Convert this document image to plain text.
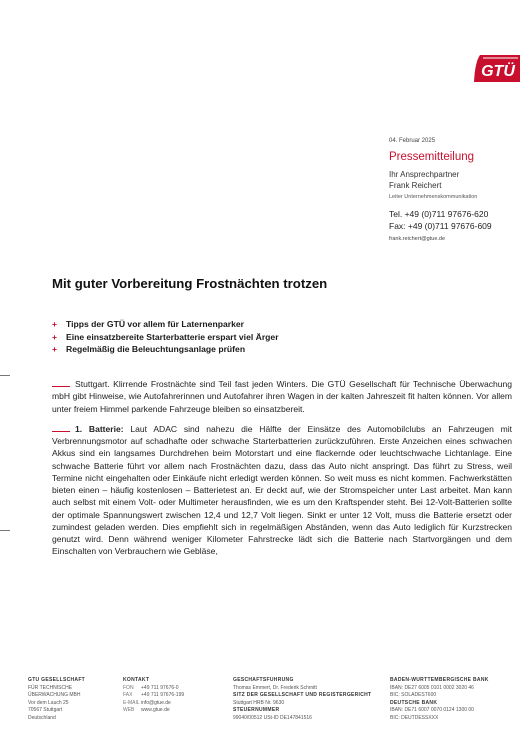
GTÜ
04. Februar 2025
Pressemitteilung
Ihr Ansprechpartner
Frank Reichert
Leiter Unternehmenskommunikation
Tel. +49 (0)711 97676-620
Fax: +49 (0)711 97676-609
frank.reichert@gtue.de
Mit guter Vorbereitung Frostnächten trotzen
+ Tipps der GTÜ vor allem für Laternenparker
+ Eine einsatzbereite Starterbatterie erspart viel Ärger
+ Regelmäßig die Beleuchtungsanlage prüfen

Stuttgart. Klirrende Frostnächte sind Teil fast jeden Winters. Die GTÜ Gesellschaft für Technische Überwachung mbH gibt Hinweise, wie Autofahrerinnen und Autofahrer ihren Wagen in der kalten Jahreszeit fit halten können. Vor allem unter freiem Himmel parkende Fahrzeuge bleiben so einsatzbereit.

1. Batterie: Laut ADAC sind nahezu die Hälfte der Einsätze des Automobilclubs an Fahrzeugen mit Verbrennungsmotor auf schadhafte oder schwache Starterbatterien zurückzuführen. Erste Anzeichen eines schwachen Akkus sind ein langsames Durchdrehen beim Motorstart und eine flackernde oder leuchtschwache Lichtanlage. Eine schwache Batterie führt vor allem nach Frostnächten dazu, dass das Auto nicht anspringt. Das führt zu Stress, weil Termine nicht eingehalten oder Einkäufe nicht erledigt werden können. So weit muss es nicht kommen. Fachwerkstätten bieten einen – häufig kostenlosen – Batterietest an. Er deckt auf, wie der Stromspeicher unter Last arbeitet. Man kann auch selbst mit einem Volt- oder Multimeter herausfinden, wie es um den Kraftspender steht. Bei 12-Volt-Batterien sollte der optimale Spannungswert zwischen 12,4 und 12,7 Volt liegen. Sinkt er unter 12 Volt, muss die Batterie ersetzt oder zumindest geladen werden. Dies empfiehlt sich in regelmäßigen Abständen, wenn das Auto lediglich für Kurzstrecken genutzt wird. Denn während weniger Kilometer Fahrstrecke lädt sich die Batterie nach Startvorgängen und dem Einschalten von Verbrauchern wie Gebläse,

GTÜ GESELLSCHAFT
FÜR TECHNISCHE
ÜBERWACHUNG MBH
Vor dem Lauch 25
70567 Stuttgart
Deutschland
KONTAKT
FON +49 711 97676-0
FAX +49 711 97676-199
E-MAILinfo@gtue.de
WEB www.gtue.de
GESCHÄFTSFÜHRUNG
Thomas Emmert, Dr. Frederik Schmitt
SITZ DER GESELLSCHAFT UND REGISTERGERICHT
Stuttgart HRB Nr. 9630
STEUERNUMMER
99040/00512 USt-ID DE147841516
BADEN-WÜRTTEMBERGISCHE BANK
IBAN: DE27 6005 0101 0002 3020 46
BIC: SOLADEST600
DEUTSCHE BANK
IBAN: DE71 6007 0070 0124 1300 00
BIC: DEUTDESSXXX
